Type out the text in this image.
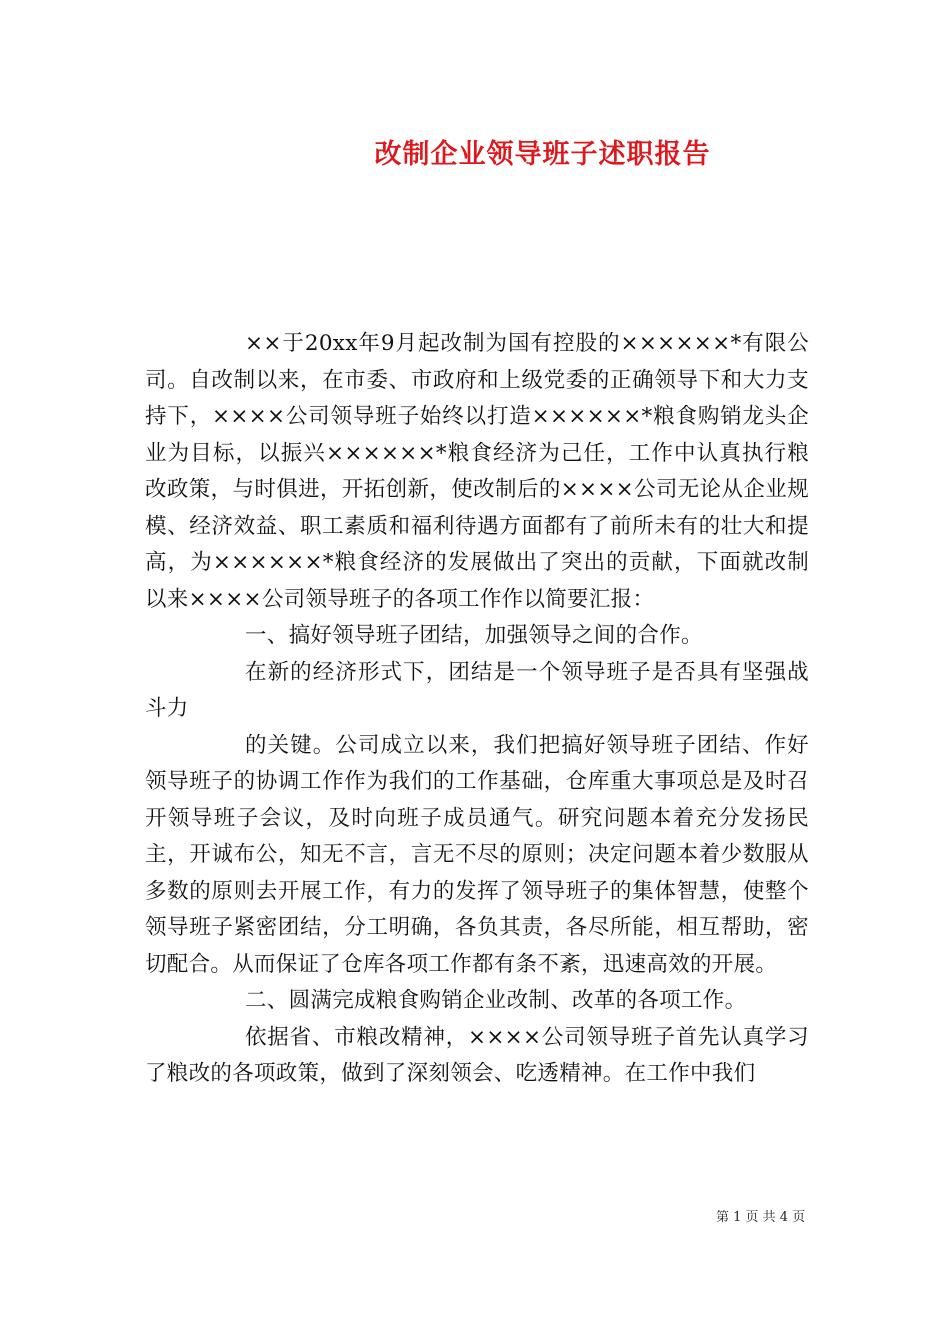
改制企业领导班子述职报告

××于20xx年9月起改制为国有控股的××××××*有限公司。自改制以来，在市委、市政府和上级党委的正确领导下和大力支持下，××××公司领导班子始终以打造××××××*粮食购销龙头企业为目标，以振兴××××××*粮食经济为己任，工作中认真执行粮改政策，与时俱进，开拓创新，使改制后的××××公司无论从企业规模、经济效益、职工素质和福利待遇方面都有了前所未有的壮大和提高，为××××××*粮食经济的发展做出了突出的贡献，下面就改制以来××××公司领导班子的各项工作作以简要汇报：

一、搞好领导班子团结，加强领导之间的合作。

在新的经济形式下，团结是一个领导班子是否具有坚强战斗力

的关键。公司成立以来，我们把搞好领导班子团结、作好领导班子的协调工作作为我们的工作基础，仓库重大事项总是及时召开领导班子会议，及时向班子成员通气。研究问题本着充分发扬民主，开诚布公，知无不言，言无不尽的原则；决定问题本着少数服从多数的原则去开展工作，有力的发挥了领导班子的集体智慧，使整个领导班子紧密团结，分工明确，各负其责，各尽所能，相互帮助，密切配合。从而保证了仓库各项工作都有条不紊，迅速高效的开展。

二、圆满完成粮食购销企业改制、改革的各项工作。

依据省、市粮改精神，××××公司领导班子首先认真学习了粮改的各项政策，做到了深刻领会、吃透精神。在工作中我们

第 1 页 共 4 页
